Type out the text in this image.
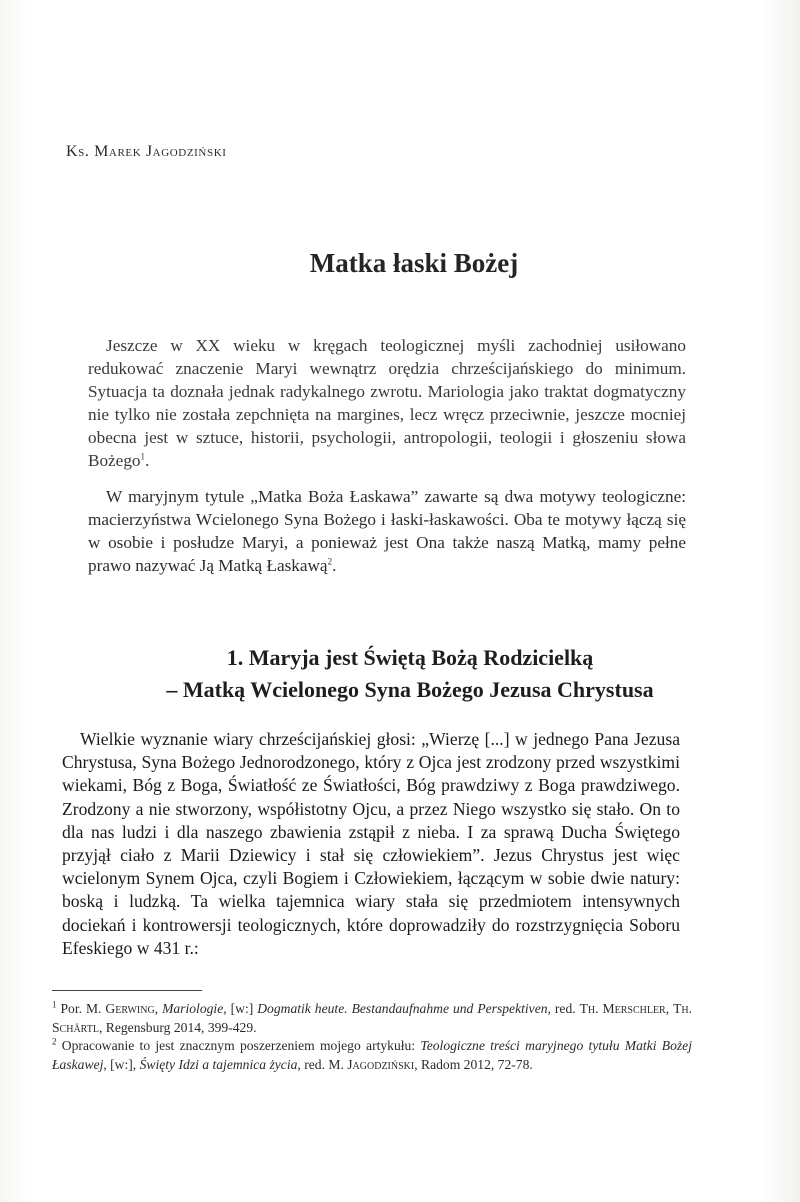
Ks. Marek Jagodziński
Matka łaski Bożej

Jeszcze w XX wieku w kręgach teologicznej myśli zachodniej usiłowano redukować znaczenie Maryi wewnątrz orędzia chrześcijańskiego do minimum. Sytuacja ta doznała jednak radykalnego zwrotu. Mariologia jako traktat dogmatyczny nie tylko nie została zepchnięta na margines, lecz wręcz przeciwnie, jeszcze mocniej obecna jest w sztuce, historii, psychologii, antropologii, teologii i głoszeniu słowa Bożego$^1$.

W maryjnym tytule „Matka Boża Łaskawa” zawarte są dwa motywy teologiczne: macierzyństwa Wcielonego Syna Bożego i łaski-łaskawości. Oba te motywy łączą się w osobie i posłudze Maryi, a ponieważ jest Ona także naszą Matką, mamy pełne prawo nazywać Ją Matką Łaskawą$^2$.

1. Maryja jest Świętą Bożą Rodzicielką
– Matką Wcielonego Syna Bożego Jezusa Chrystusa

Wielkie wyznanie wiary chrześcijańskiej głosi: „Wierzę [...] w jednego Pana Jezusa Chrystusa, Syna Bożego Jednorodzonego, który z Ojca jest zrodzony przed wszystkimi wiekami, Bóg z Boga, Światłość ze Światłości, Bóg prawdziwy z Boga prawdziwego. Zrodzony a nie stworzony, współistotny Ojcu, a przez Niego wszystko się stało. On to dla nas ludzi i dla naszego zbawienia zstąpił z nieba. I za sprawą Ducha Świętego przyjął ciało z Marii Dziewicy i stał się człowiekiem”. Jezus Chrystus jest więc wcielonym Synem Ojca, czyli Bogiem i Człowiekiem, łączącym w sobie dwie natury: boską i ludzką. Ta wielka tajemnica wiary stała się przedmiotem intensywnych dociekań i kontrowersji teologicznych, które doprowadziły do rozstrzygnięcia Soboru Efeskiego w 431 r.:

$^1$ Por. M. Gerwing, Mariologie, [w:] Dogmatik heute. Bestandaufnahme und Perspektiven, red. Th. Merschler, Th. Schärtl, Regensburg 2014, 399-429.

$^2$ Opracowanie to jest znacznym poszerzeniem mojego artykułu: Teologiczne treści maryjnego tytułu Matki Bożej Łaskawej, [w:], Święty Idzi a tajemnica życia, red. M. Jagodziński, Radom 2012, 72-78.
